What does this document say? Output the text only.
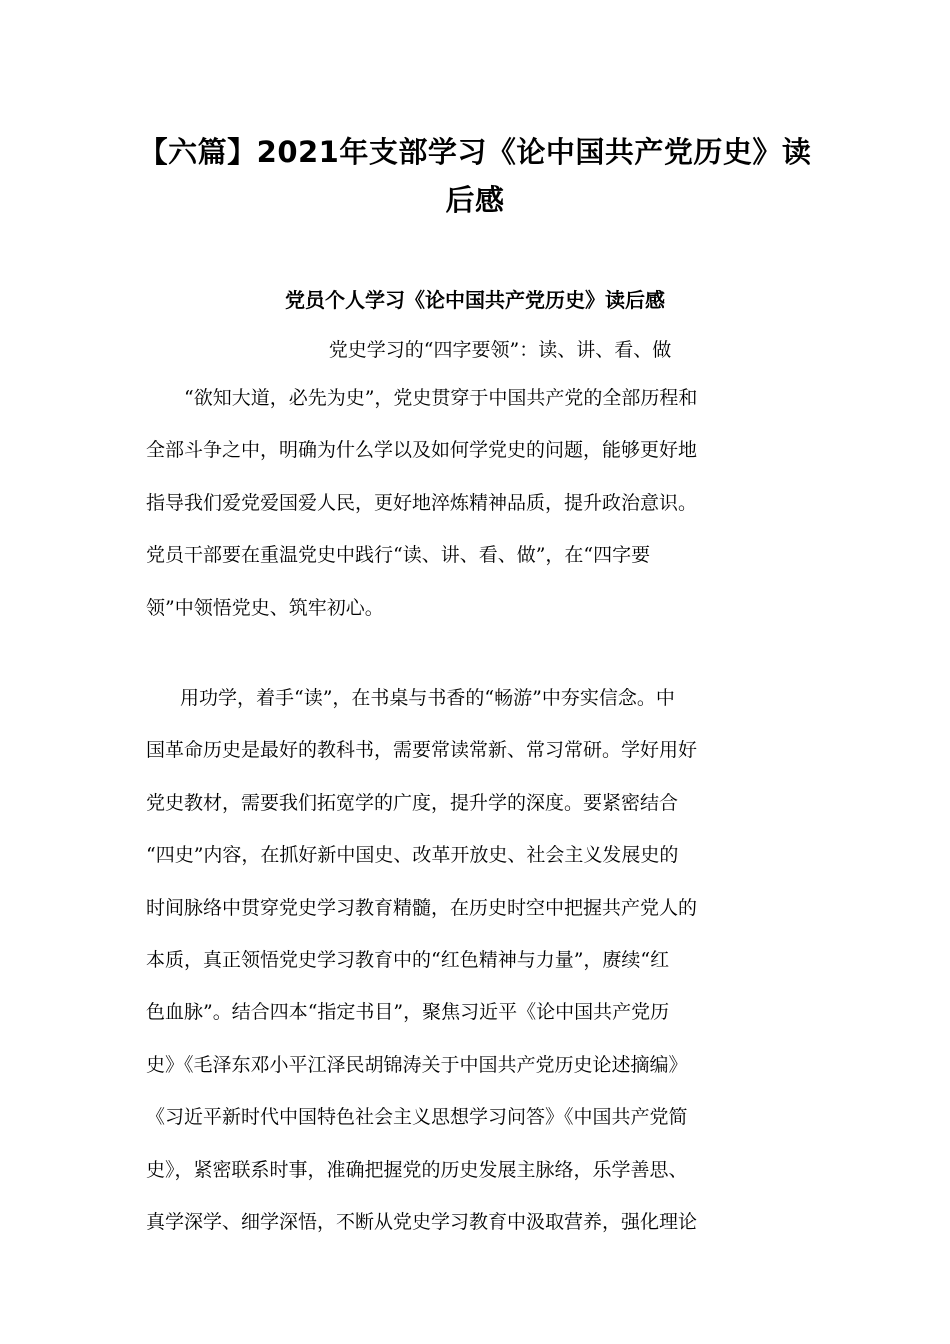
【六篇】2021年支部学习《论中国共产党历史》读
后感
党员个人学习《论中国共产党历史》读后感

党史学习的“四字要领”：读、讲、看、做

“欲知大道，必先为史”，党史贯穿于中国共产党的全部历程和
全部斗争之中，明确为什么学以及如何学党史的问题，能够更好地
指导我们爱党爱国爱人民，更好地淬炼精神品质，提升政治意识。
党员干部要在重温党史中践行“读、讲、看、做”，在“四字要
领”中领悟党史、筑牢初心。
用功学，着手“读”，在书桌与书香的“畅游”中夯实信念。中
国革命历史是最好的教科书，需要常读常新、常习常研。学好用好
党史教材，需要我们拓宽学的广度，提升学的深度。要紧密结合
“四史”内容，在抓好新中国史、改革开放史、社会主义发展史的
时间脉络中贯穿党史学习教育精髓，在历史时空中把握共产党人的
本质，真正领悟党史学习教育中的“红色精神与力量”，赓续“红
色血脉”。结合四本“指定书目”，聚焦习近平《论中国共产党历
史》《毛泽东邓小平江泽民胡锦涛关于中国共产党历史论述摘编》
《习近平新时代中国特色社会主义思想学习问答》《中国共产党简
史》，紧密联系时事，准确把握党的历史发展主脉络，乐学善思、
真学深学、细学深悟，不断从党史学习教育中汲取营养，强化理论
